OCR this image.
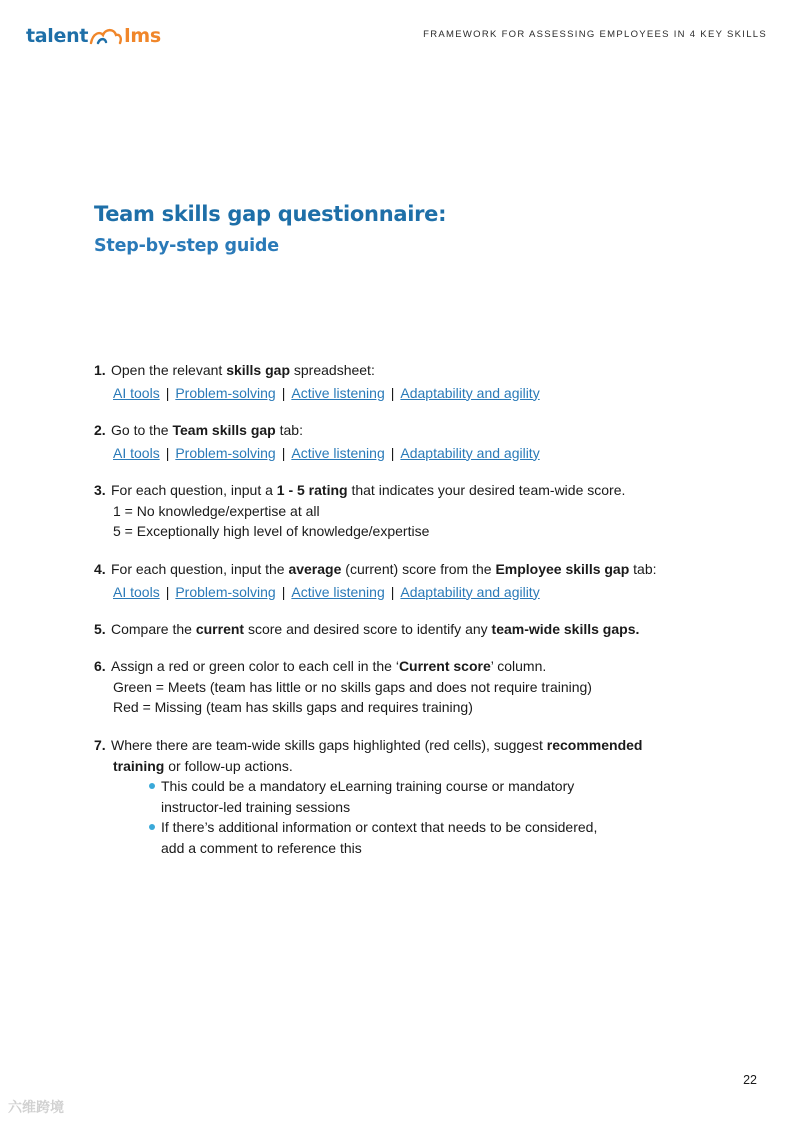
talent lms	FRAMEWORK FOR ASSESSING EMPLOYEES IN 4 KEY SKILLS
Team skills gap questionnaire:
Step-by-step guide
1. Open the relevant skills gap spreadsheet:
AI tools | Problem-solving | Active listening | Adaptability and agility
2. Go to the Team skills gap tab:
AI tools | Problem-solving | Active listening | Adaptability and agility
3. For each question, input a 1 - 5 rating that indicates your desired team-wide score.
1 = No knowledge/expertise at all
5 = Exceptionally high level of knowledge/expertise
4. For each question, input the average (current) score from the Employee skills gap tab:
AI tools | Problem-solving | Active listening | Adaptability and agility
5. Compare the current score and desired score to identify any team-wide skills gaps.
6. Assign a red or green color to each cell in the ‘Current score’ column.
Green = Meets (team has little or no skills gaps and does not require training)
Red = Missing (team has skills gaps and requires training)
7. Where there are team-wide skills gaps highlighted (red cells), suggest recommended
training or follow-up actions.
This could be a mandatory eLearning training course or mandatory
instructor-led training sessions
If there’s additional information or context that needs to be considered,
add a comment to reference this
22
六维跨境
